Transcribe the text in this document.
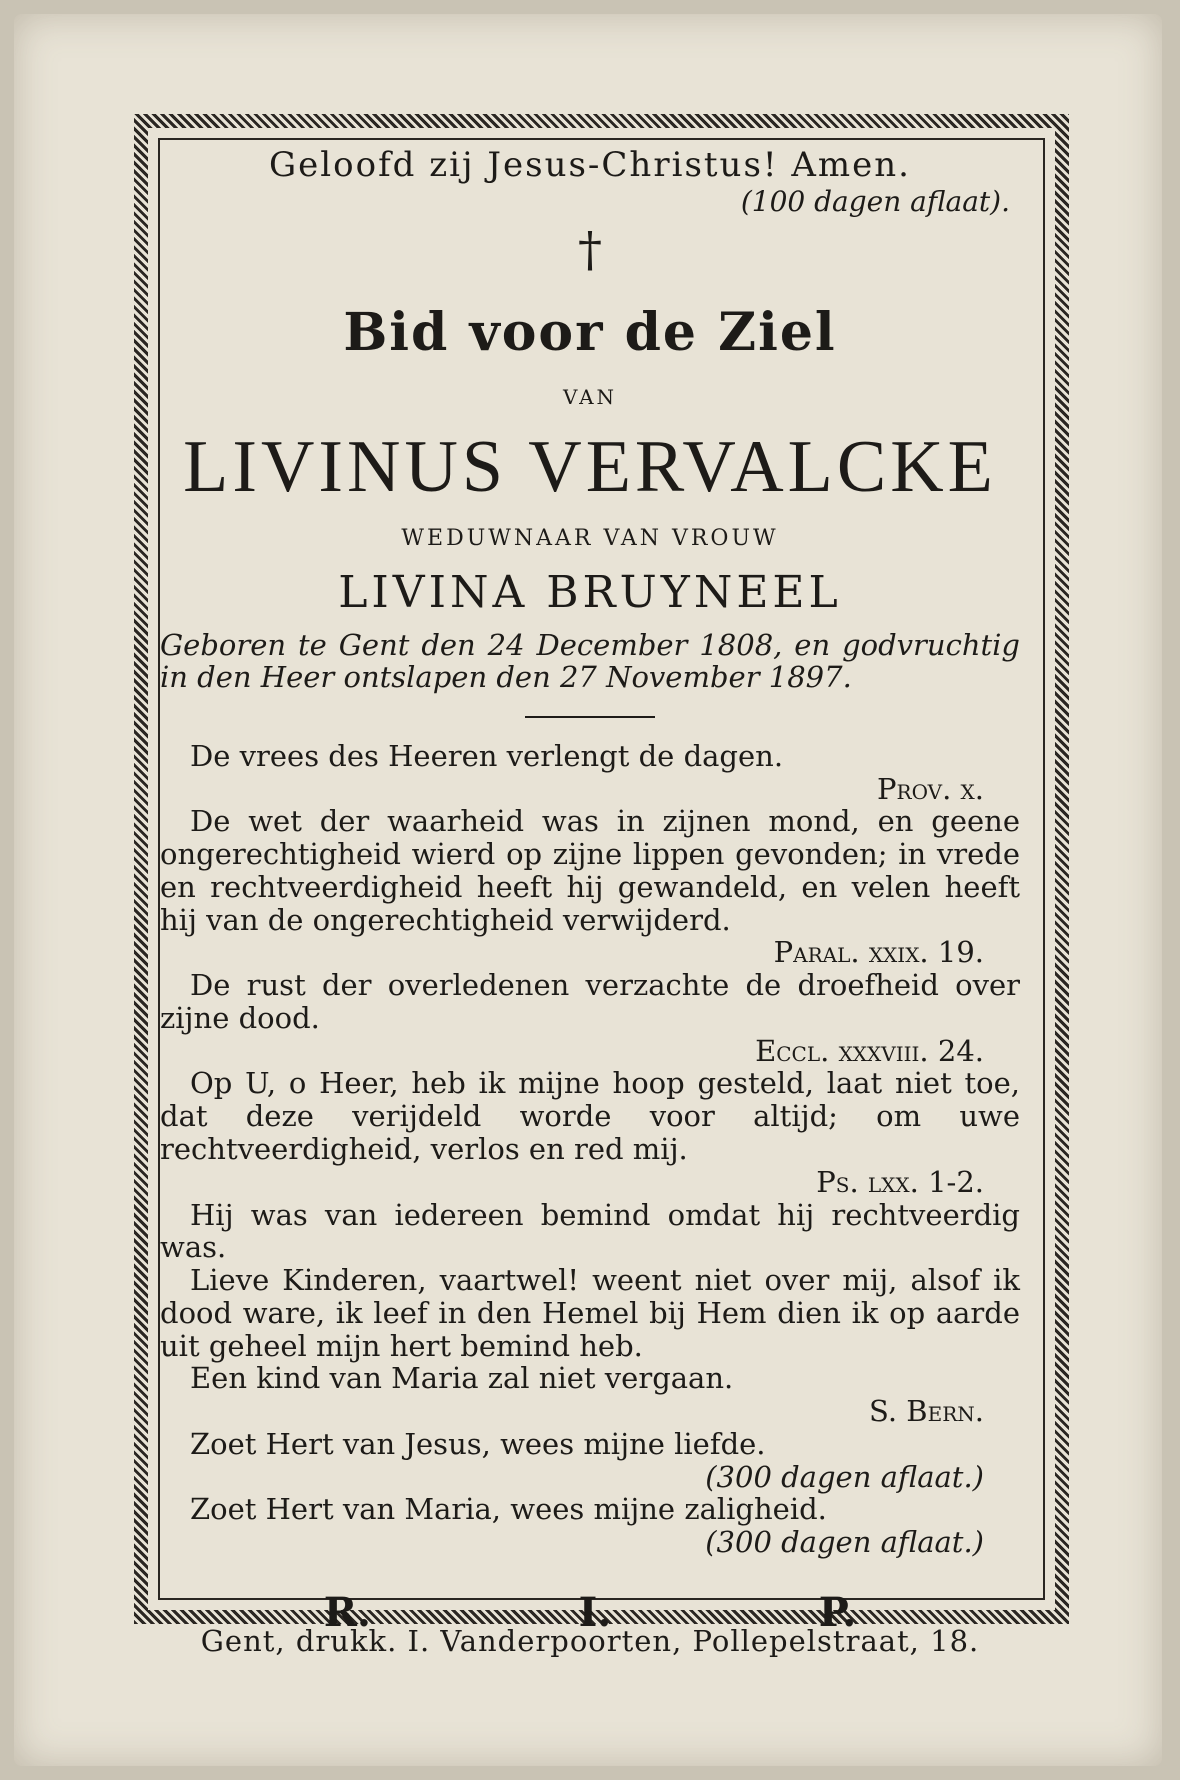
Geloofd zij Jesus-Christus! Amen.
(100 dagen aflaat).
†
Bid voor de Ziel
VAN
LIVINUS VERVALCKE
WEDUWNAAR VAN VROUW
LIVINA BRUYNEEL
Geboren te Gent den 24 December 1808, en godvruchtig in den Heer ontslapen den 27 November 1897.

De vrees des Heeren verlengt de dagen.

Prov. x.

De wet der waarheid was in zijnen mond, en geene ongerechtigheid wierd op zijne lippen gevonden; in vrede en rechtveerdigheid heeft hij gewandeld, en velen heeft hij van de ongerechtigheid verwijderd.

Paral. xxix. 19.

De rust der overledenen verzachte de droefheid over zijne dood.

Eccl. xxxviii. 24.

Op U, o Heer, heb ik mijne hoop gesteld, laat niet toe, dat deze verijdeld worde voor altijd; om uwe rechtveerdigheid, verlos en red mij.

Ps. lxx. 1-2.

Hij was van iedereen bemind omdat hij rechtveerdig was.

Lieve Kinderen, vaartwel! weent niet over mij, alsof ik dood ware, ik leef in den Hemel bij Hem dien ik op aarde uit geheel mijn hert bemind heb.

Een kind van Maria zal niet vergaan.

S. Bern.

Zoet Hert van Jesus, wees mijne liefde.

(300 dagen aflaat.)

Zoet Hert van Maria, wees mijne zaligheid.

(300 dagen aflaat.)
R.	I.	P.
Gent, drukk. I. Vanderpoorten, Pollepelstraat, 18.
